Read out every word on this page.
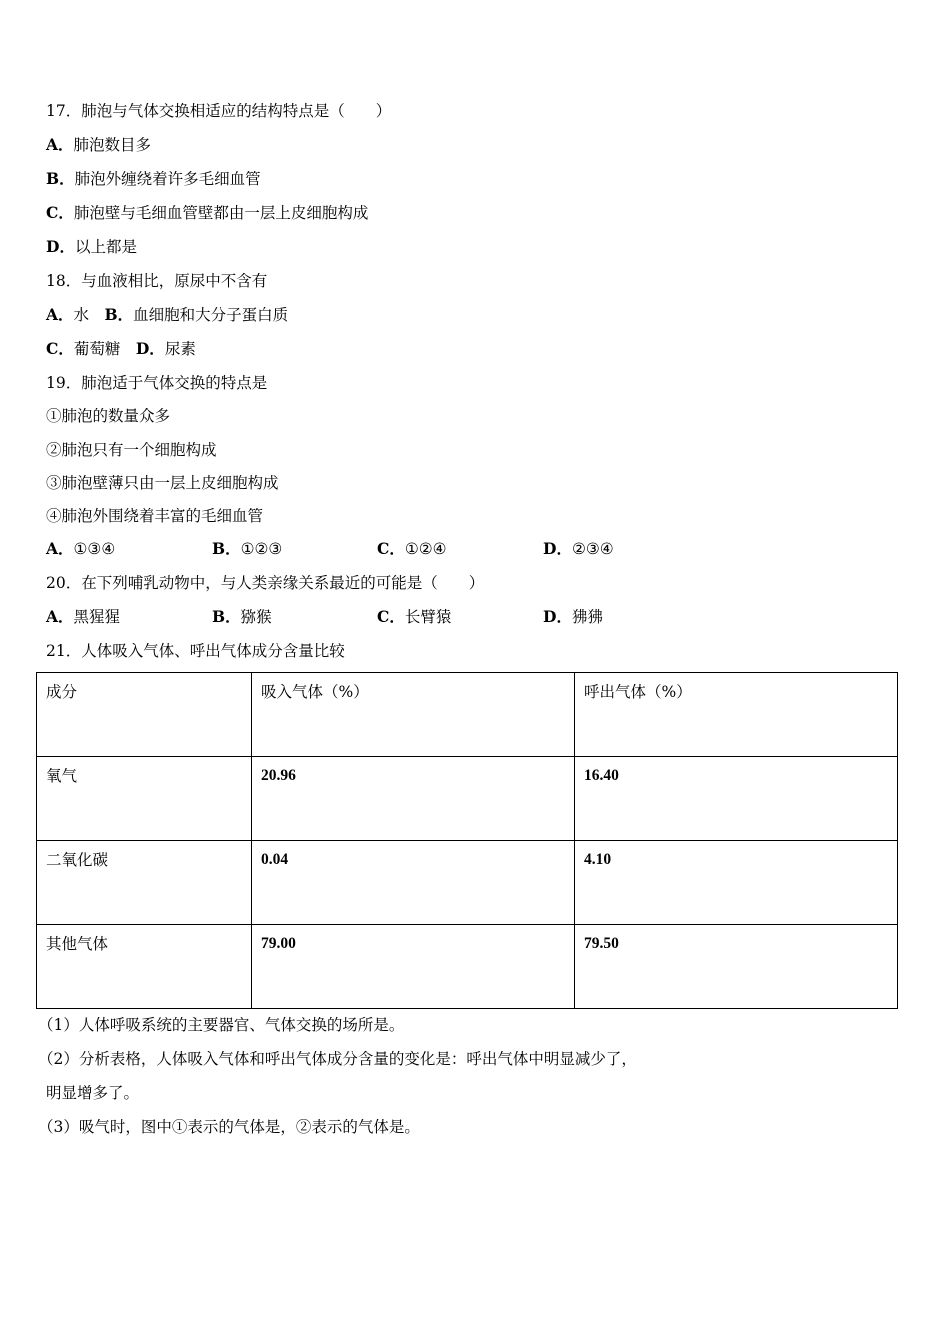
17．肺泡与气体交换相适应的结构特点是（　　）
A．肺泡数目多
B．肺泡外缠绕着许多毛细血管
C．肺泡壁与毛细血管壁都由一层上皮细胞构成
D．以上都是
18．与血液相比，原尿中不含有
A．水　B．血细胞和大分子蛋白质
C．葡萄糖　D．尿素
19．肺泡适于气体交换的特点是
①肺泡的数量众多
②肺泡只有一个细胞构成
③肺泡壁薄只由一层上皮细胞构成
④肺泡外围绕着丰富的毛细血管
A．①③④	B．①②③	C．①②④	D．②③④
20．在下列哺乳动物中，与人类亲缘关系最近的可能是（　　）
A．黑猩猩	B．猕猴	C．长臂猿	D．狒狒
21．人体吸入气体、呼出气体成分含量比较
成分	吸入气体（%）	呼出气体（%）
氧气	20.96	16.40
二氧化碳	0.04	4.10
其他气体	79.00	79.50
（1）人体呼吸系统的主要器官、气体交换的场所是。
（2）分析表格，人体吸入气体和呼出气体成分含量的变化是：呼出气体中明显减少了，
明显增多了。
（3）吸气时，图中①表示的气体是，②表示的气体是。
